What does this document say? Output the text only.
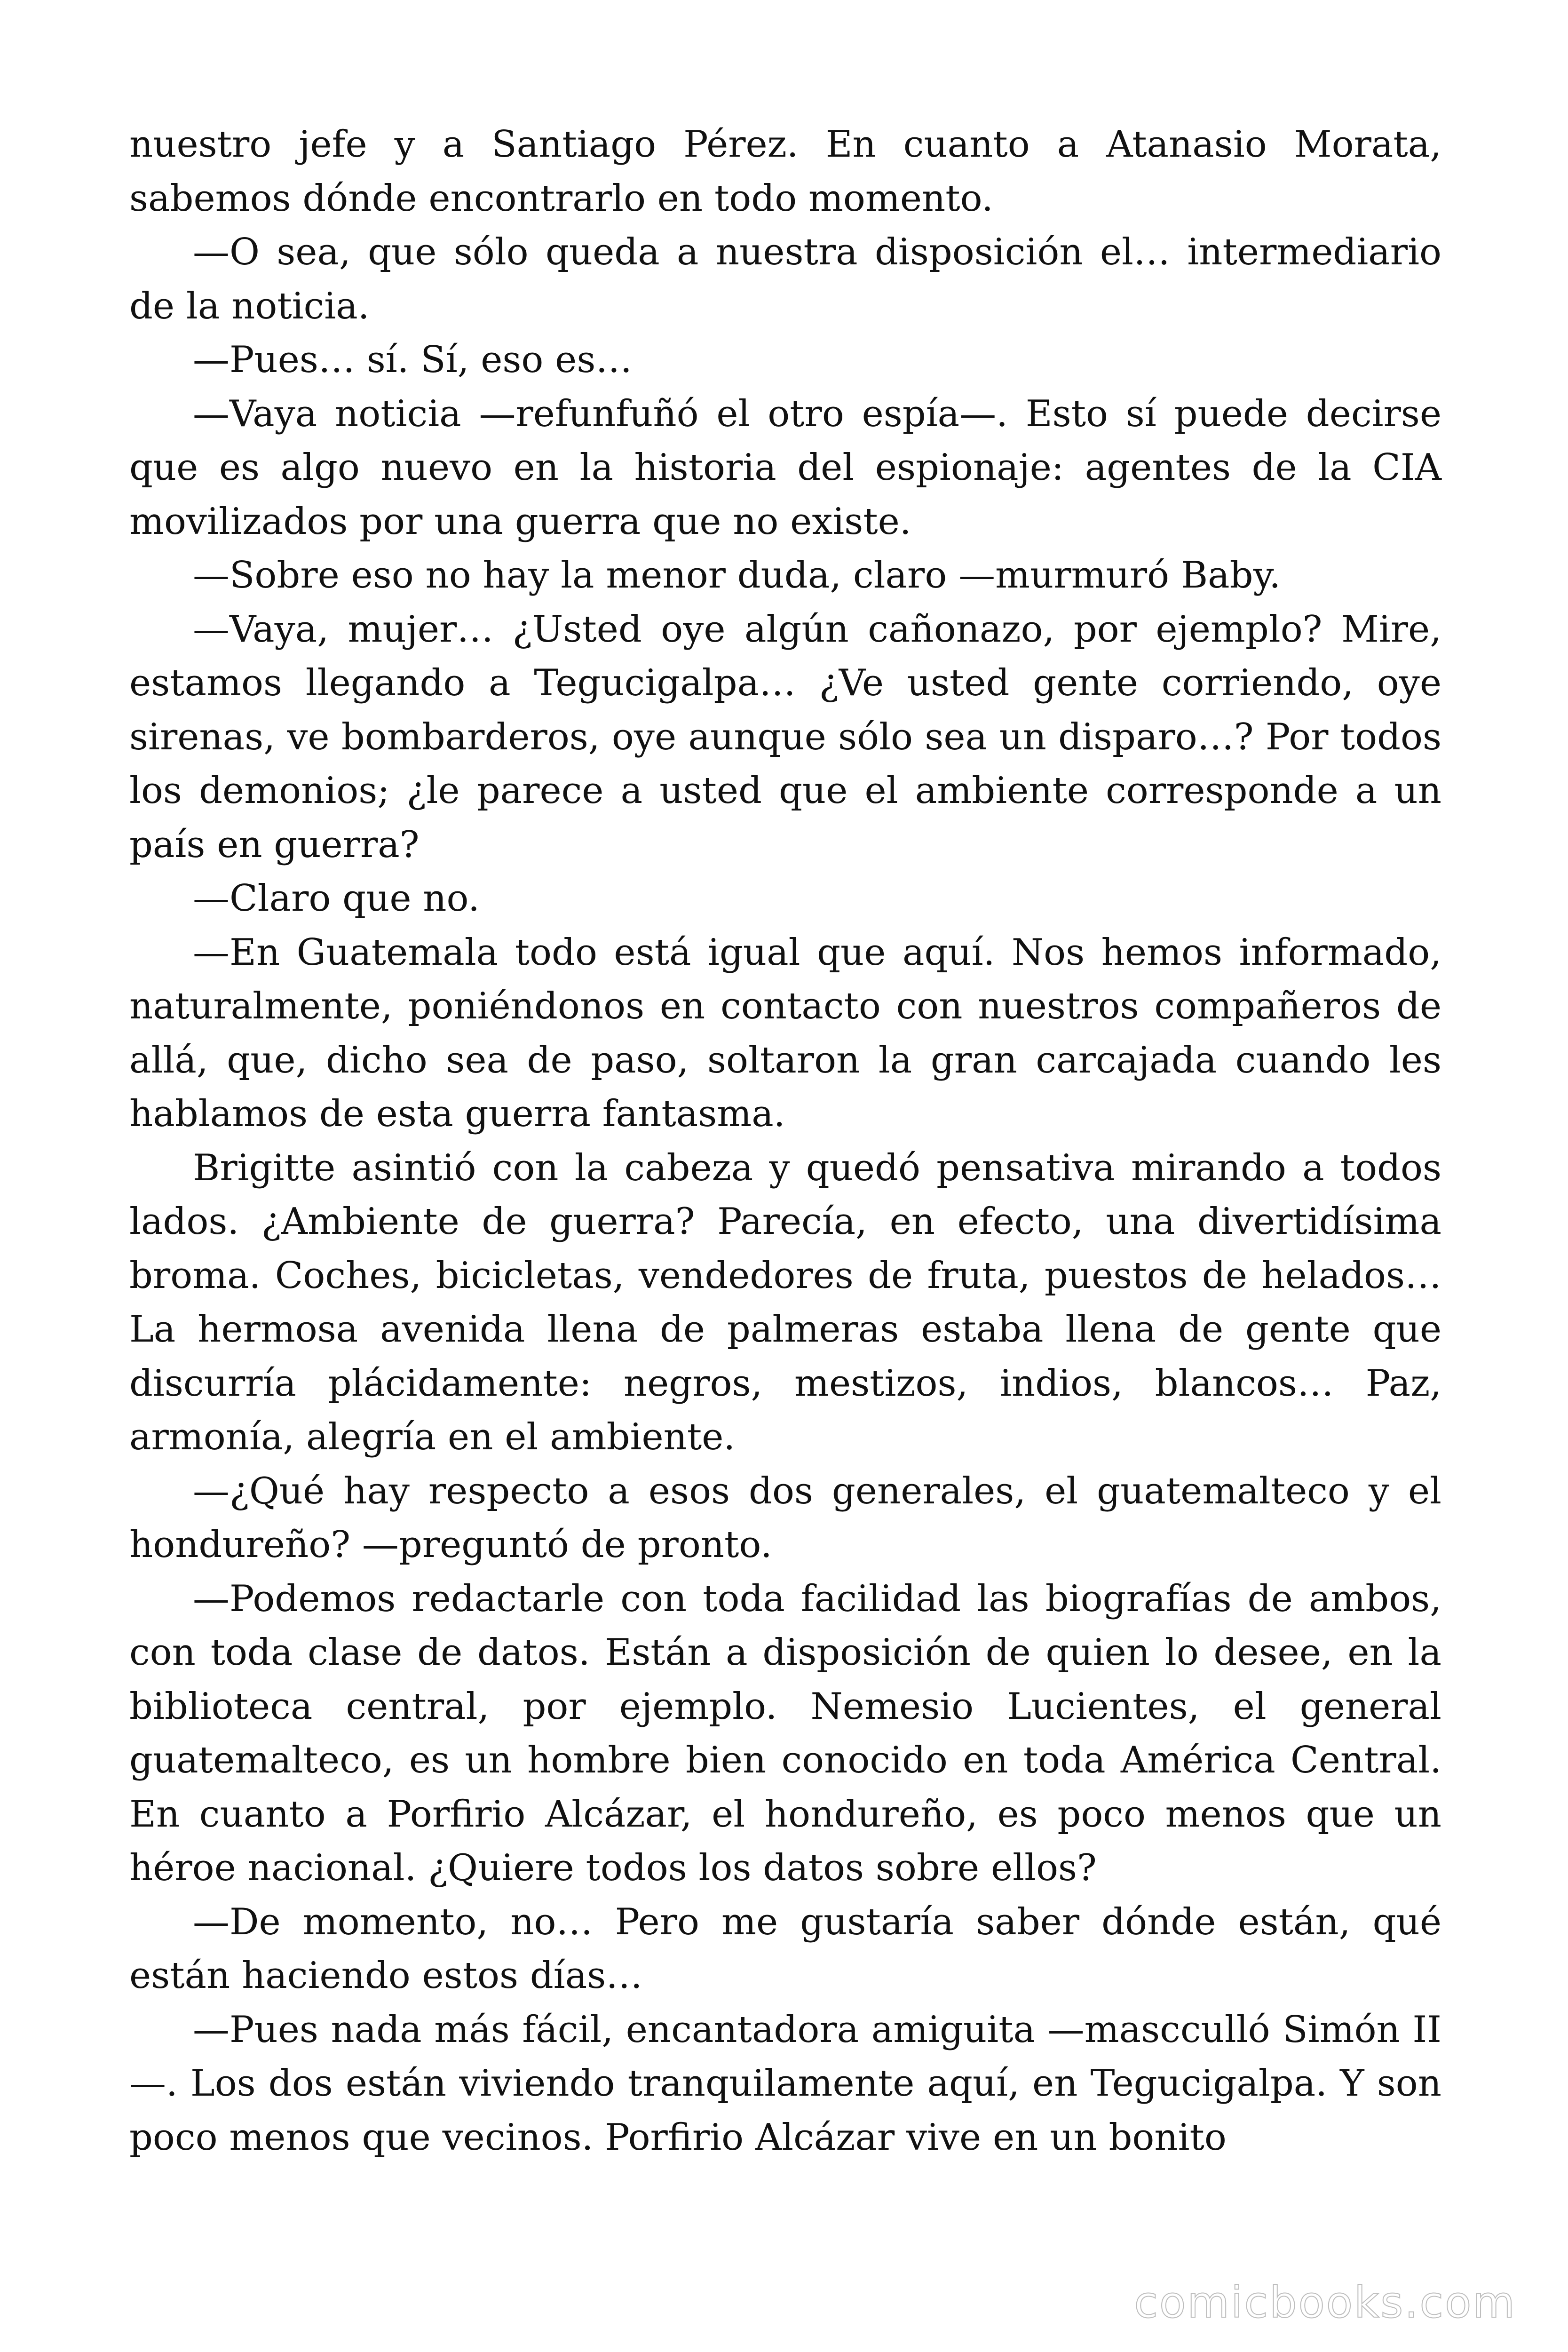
nuestro jefe y a Santiago Pérez. En cuanto a Atanasio Morata, sabemos dónde encontrarlo en todo momento.

—O sea, que sólo queda a nuestra disposición el… intermediario de la noticia.

—Pues… sí. Sí, eso es…

—Vaya noticia —refunfuñó el otro espía—. Esto sí puede decirse que es algo nuevo en la historia del espionaje: agentes de la CIA movilizados por una guerra que no existe.

—Sobre eso no hay la menor duda, claro —murmuró Baby.

—Vaya, mujer… ¿Usted oye algún cañonazo, por ejemplo? Mire, estamos llegando a Tegucigalpa… ¿Ve usted gente corriendo, oye sirenas, ve bombarderos, oye aunque sólo sea un disparo…? Por todos los demonios; ¿le parece a usted que el ambiente corresponde a un país en guerra?

—Claro que no.

—En Guatemala todo está igual que aquí. Nos hemos informado, naturalmente, poniéndonos en contacto con nuestros compañeros de allá, que, dicho sea de paso, soltaron la gran carcajada cuando les hablamos de esta guerra fantasma.

Brigitte asintió con la cabeza y quedó pensativa mirando a todos lados. ¿Ambiente de guerra? Parecía, en efecto, una divertidísima broma. Coches, bicicletas, vendedores de fruta, puestos de helados… La hermosa avenida llena de palmeras estaba llena de gente que discurría plácidamente: negros, mestizos, indios, blancos… Paz, armonía, alegría en el ambiente.

—¿Qué hay respecto a esos dos generales, el guatemalteco y el hondureño? —preguntó de pronto.

—Podemos redactarle con toda facilidad las biografías de ambos, con toda clase de datos. Están a disposición de quien lo desee, en la biblioteca central, por ejemplo. Nemesio Lucientes, el general guatemalteco, es un hombre bien conocido en toda América Central. En cuanto a Porfirio Alcázar, el hondureño, es poco menos que un héroe nacional. ¿Quiere todos los datos sobre ellos?

—De momento, no… Pero me gustaría saber dónde están, qué están haciendo estos días…

—Pues nada más fácil, encantadora amiguita —mascculló Simón II—. Los dos están viviendo tranquilamente aquí, en Tegucigalpa. Y son poco menos que vecinos. Porfirio Alcázar vive en un bonito

comicbooks.com
